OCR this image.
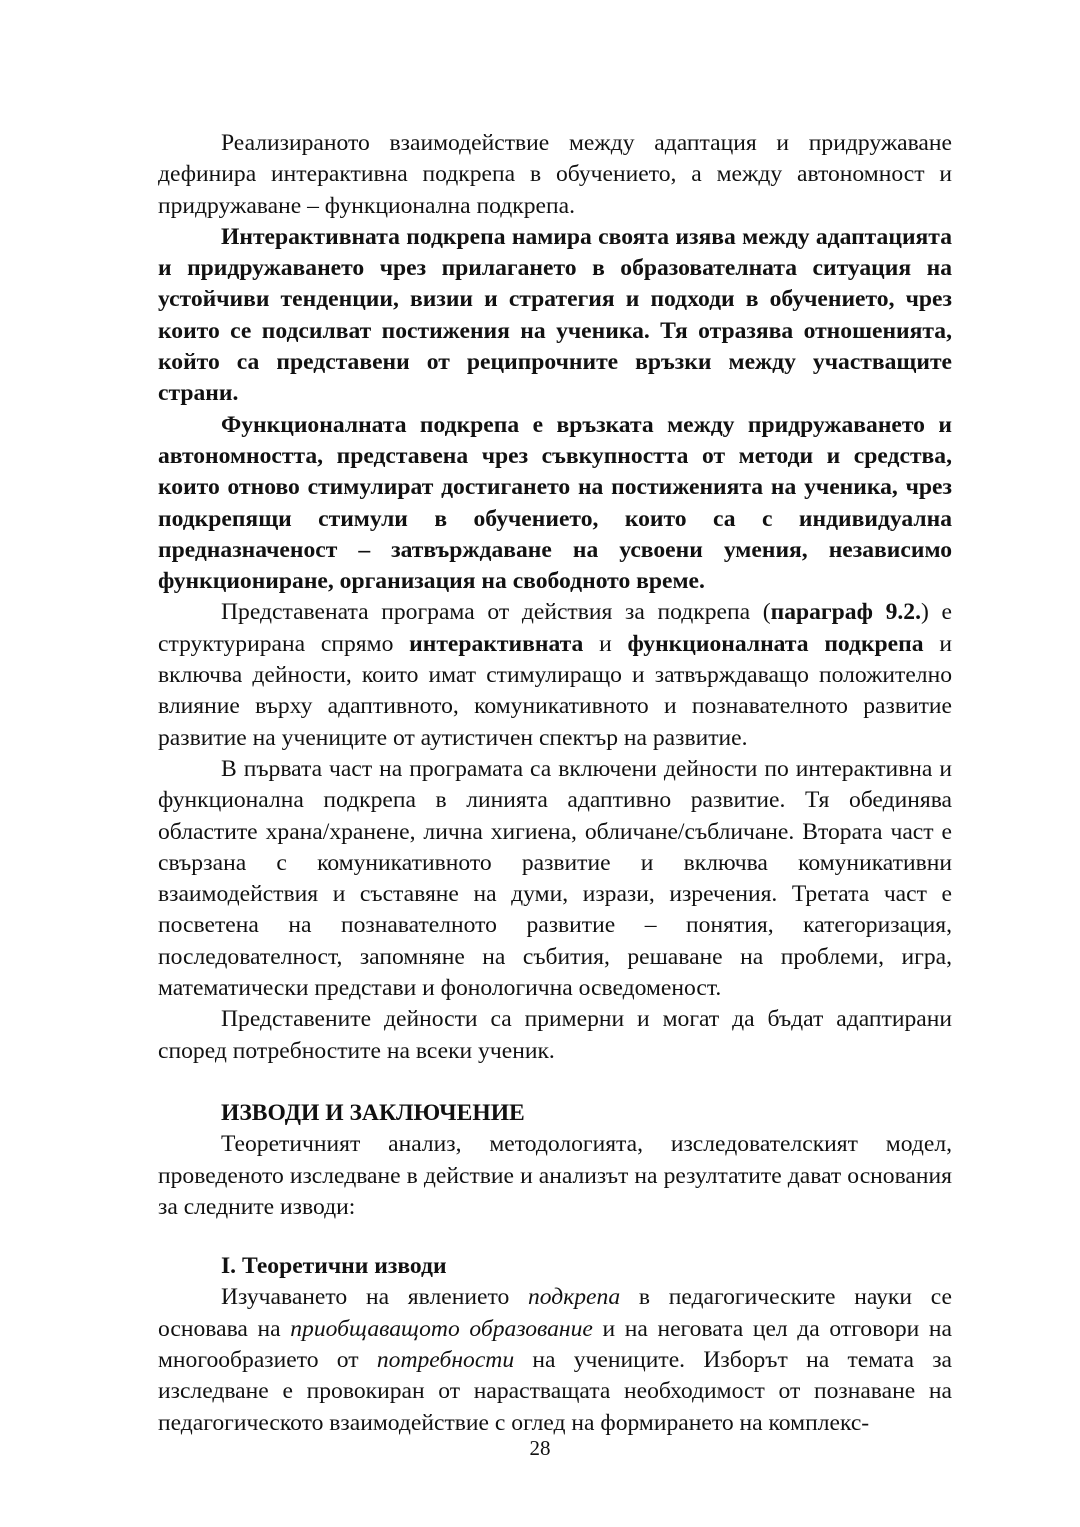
Реализираното взаимодействие между адаптация и придружаване дефинира интерактивна подкрепа в обучението, а между автономност и придружаване – функционална подкрепа.

Интерактивната подкрепа намира своята изява между адаптацията и придружаването чрез прилагането в образователната ситуация на устойчиви тенденции, визии и стратегия и подходи в обучението, чрез които се подсилват постижения на ученика. Тя отразява отношенията, който са представени от реципрочните връзки между участващите страни.

Функционалната подкрепа е връзката между придружаването и автономността, представена чрез съвкупността от методи и средства, които отново стимулират достигането на постиженията на ученика, чрез подкрепящи стимули в обучението, които са с индивидуална предназначеност – затвърждаване на усвоени умения, независимо функциониране, организация на свободното време.

Представената програма от действия за подкрепа (параграф 9.2.) е структурирана спрямо интерактивната и функционалната подкрепа и включва дейности, които имат стимулиращо и затвърждаващо положително влияние върху адаптивното, комуникативното и познавателното развитие развитие на учениците от аутистичен спектър на развитие.

В първата част на програмата са включени дейности по интерактивна и функционална подкрепа в линията адаптивно развитие. Тя обединява областите храна/хранене, лична хигиена, обличане/събличане. Втората част е свързана с комуникативното развитие и включва комуникативни взаимодействия и съставяне на думи, изрази, изречения. Третата част е посветена на познавателното развитие – понятия, категоризация, последователност, запомняне на събития, решаване на проблеми, игра, математически представи и фонологична осведоменост.

Представените дейности са примерни и могат да бъдат адаптирани според потребностите на всеки ученик.

ИЗВОДИ И ЗАКЛЮЧЕНИЕ

Теоретичният анализ, методологията, изследователският модел, проведеното изследване в действие и анализът на резултатите дават основания за следните изводи:

I. Теоретични изводи

Изучаването на явлението подкрепа в педагогическите науки се основава на приобщаващото образование и на неговата цел да отговори на многообразието от потребности на учениците. Изборът на темата за изследване е провокиран от нарастващата необходимост от познаване на педагогическото взаимодействие с оглед на формирането на комплекс-

28
